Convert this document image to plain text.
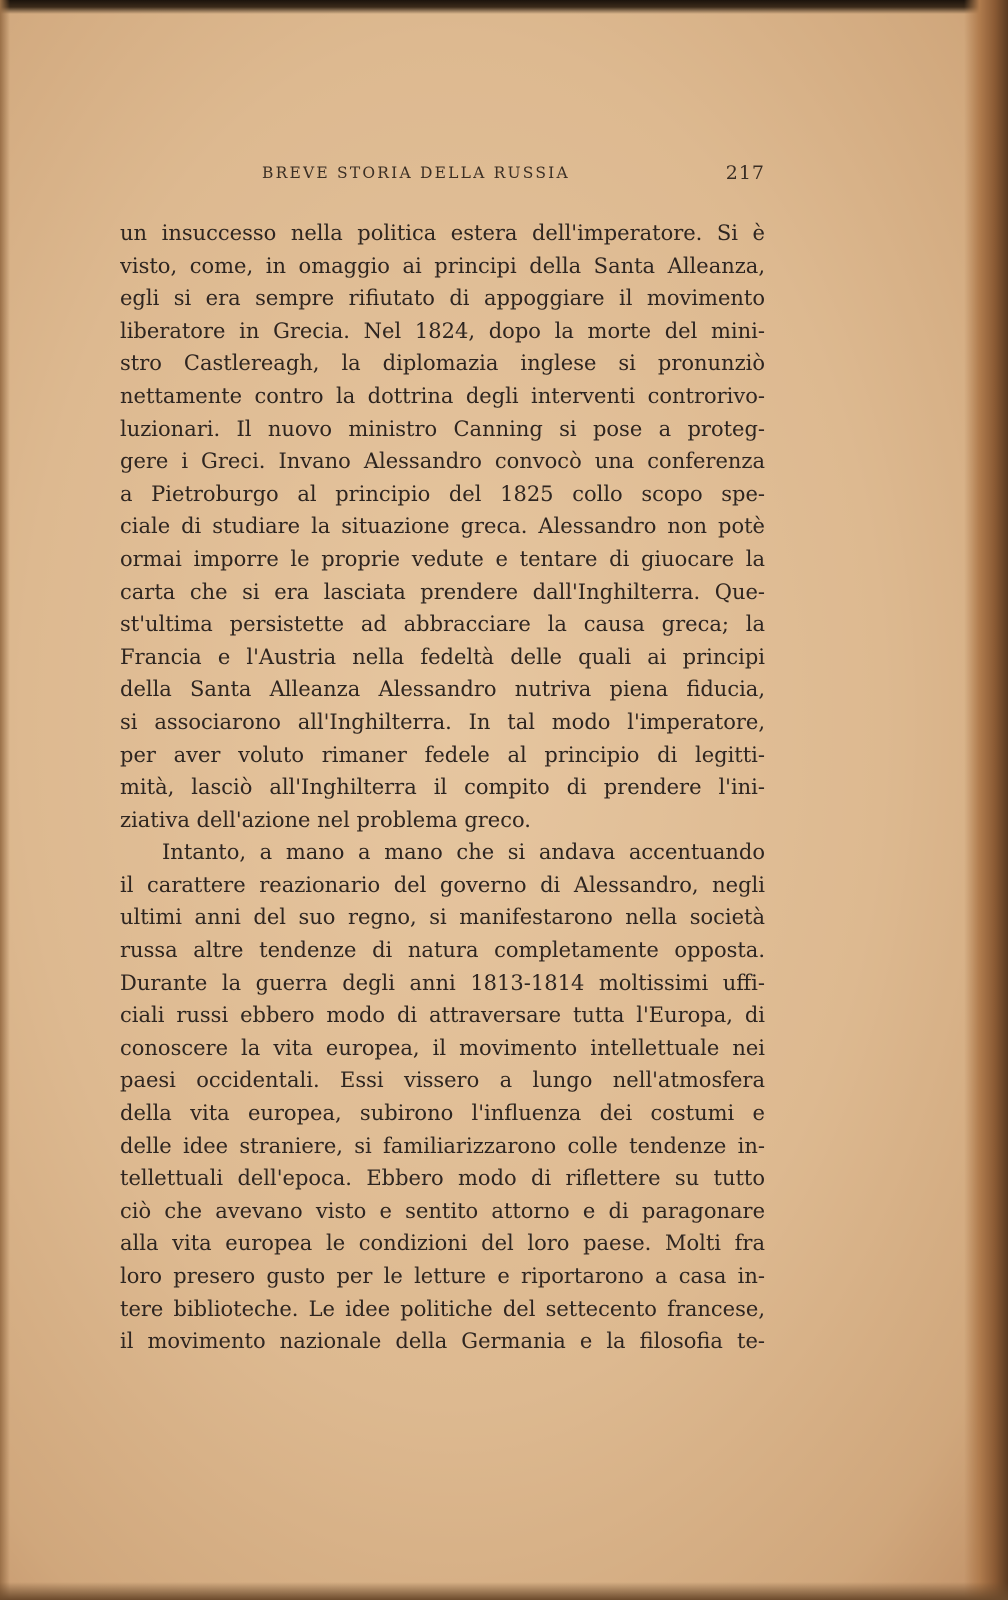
BREVE STORIA DELLA RUSSIA	217
un insuccesso nella politica estera dell'imperatore. Si è
visto, come, in omaggio ai principi della Santa Alleanza,
egli si era sempre rifiutato di appoggiare il movimento
liberatore in Grecia. Nel 1824, dopo la morte del mini-
stro Castlereagh, la diplomazia inglese si pronunziò
nettamente contro la dottrina degli interventi controrivo-
luzionari. Il nuovo ministro Canning si pose a proteg-
gere i Greci. Invano Alessandro convocò una conferenza
a Pietroburgo al principio del 1825 collo scopo spe-
ciale di studiare la situazione greca. Alessandro non potè
ormai imporre le proprie vedute e tentare di giuocare la
carta che si era lasciata prendere dall'Inghilterra. Que-
st'ultima persistette ad abbracciare la causa greca; la
Francia e l'Austria nella fedeltà delle quali ai principi
della Santa Alleanza Alessandro nutriva piena fiducia,
si associarono all'Inghilterra. In tal modo l'imperatore,
per aver voluto rimaner fedele al principio di legitti-
mità, lasciò all'Inghilterra il compito di prendere l'ini-
ziativa dell'azione nel problema greco.
Intanto, a mano a mano che si andava accentuando
il carattere reazionario del governo di Alessandro, negli
ultimi anni del suo regno, si manifestarono nella società
russa altre tendenze di natura completamente opposta.
Durante la guerra degli anni 1813-1814 moltissimi uffi-
ciali russi ebbero modo di attraversare tutta l'Europa, di
conoscere la vita europea, il movimento intellettuale nei
paesi occidentali. Essi vissero a lungo nell'atmosfera
della vita europea, subirono l'influenza dei costumi e
delle idee straniere, si familiarizzarono colle tendenze in-
tellettuali dell'epoca. Ebbero modo di riflettere su tutto
ciò che avevano visto e sentito attorno e di paragonare
alla vita europea le condizioni del loro paese. Molti fra
loro presero gusto per le letture e riportarono a casa in-
tere biblioteche. Le idee politiche del settecento francese,
il movimento nazionale della Germania e la filosofia te-
